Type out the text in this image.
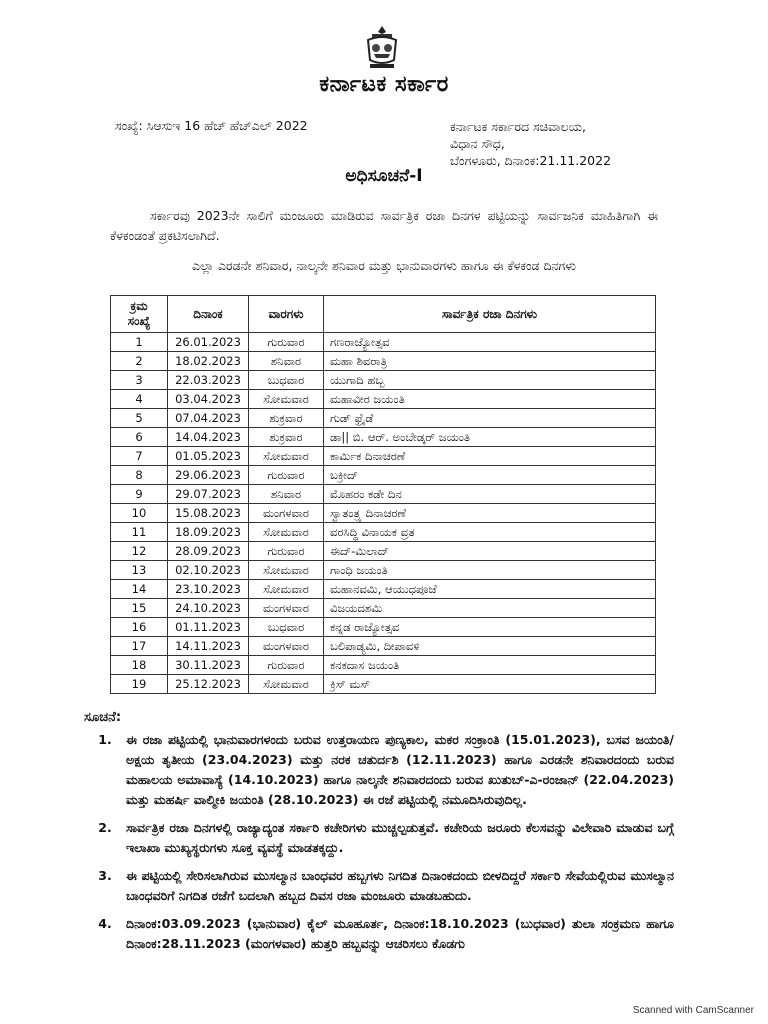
ಕರ್ನಾಟಕ ಸರ್ಕಾರ
ಸಂಖ್ಯೆ: ಸಿಆಸುಇ 16 ಹೆಚ್ ಹೆಚ್ಎಲ್ 2022	ಕರ್ನಾಟಕ ಸರ್ಕಾರದ ಸಚಿವಾಲಯ,
ವಿಧಾನ ಸೌಧ,
ಬೆಂಗಳೂರು, ದಿನಾಂಕ:21.11.2022
ಅಧಿಸೂಚನೆ-I
ಸರ್ಕಾರವು 2023ನೇ ಸಾಲಿಗೆ ಮಂಜೂರು ಮಾಡಿರುವ ಸಾರ್ವತ್ರಿಕ ರಜಾ ದಿನಗಳ ಪಟ್ಟಿಯನ್ನು ಸಾರ್ವಜನಿಕ ಮಾಹಿತಿಗಾಗಿ ಈ ಕೆಳಕಂಡಂತೆ ಪ್ರಕಟಿಸಲಾಗಿದೆ.
ಎಲ್ಲಾ ಎರಡನೇ ಶನಿವಾರ, ನಾಲ್ಕನೇ ಶನಿವಾರ ಮತ್ತು ಭಾನುವಾರಗಳು ಹಾಗೂ ಈ ಕೆಳಕಂಡ ದಿನಗಳು
ಕ್ರಮ
ಸಂಖ್ಯೆ	ದಿನಾಂಕ	ವಾರಗಳು	ಸಾರ್ವತ್ರಿಕ ರಜಾ ದಿನಗಳು
1	26.01.2023	ಗುರುವಾರ	ಗಣರಾಜ್ಯೋತ್ಸವ
2	18.02.2023	ಶನಿವಾರ	ಮಹಾ ಶಿವರಾತ್ರಿ
3	22.03.2023	ಬುಧವಾರ	ಯುಗಾದಿ ಹಬ್ಬ
4	03.04.2023	ಸೋಮವಾರ	ಮಹಾವೀರ ಜಯಂತಿ
5	07.04.2023	ಶುಕ್ರವಾರ	ಗುಡ್ ಫ್ರೈಡೆ
6	14.04.2023	ಶುಕ್ರವಾರ	ಡಾ|| ಬಿ. ಆರ್. ಅಂಬೇಡ್ಕರ್ ಜಯಂತಿ
7	01.05.2023	ಸೋಮವಾರ	ಕಾರ್ಮಿಕ ದಿನಾಚರಣೆ
8	29.06.2023	ಗುರುವಾರ	ಬಕ್ರೀದ್
9	29.07.2023	ಶನಿವಾರ	ಮೊಹರಂ ಕಡೇ ದಿನ
10	15.08.2023	ಮಂಗಳವಾರ	ಸ್ವಾತಂತ್ರ್ಯ ದಿನಾಚರಣೆ
11	18.09.2023	ಸೋಮವಾರ	ವರಸಿದ್ಧಿ ವಿನಾಯಕ ವ್ರತ
12	28.09.2023	ಗುರುವಾರ	ಈದ್-ಮಿಲಾದ್
13	02.10.2023	ಸೋಮವಾರ	ಗಾಂಧಿ ಜಯಂತಿ
14	23.10.2023	ಸೋಮವಾರ	ಮಹಾನವಮಿ, ಆಯುಧಪೂಜೆ
15	24.10.2023	ಮಂಗಳವಾರ	ವಿಜಯದಶಮಿ
16	01.11.2023	ಬುಧವಾರ	ಕನ್ನಡ ರಾಜ್ಯೋತ್ಸವ
17	14.11.2023	ಮಂಗಳವಾರ	ಬಲಿಪಾಡ್ಯಮಿ, ದೀಪಾವಳಿ
18	30.11.2023	ಗುರುವಾರ	ಕನಕದಾಸ ಜಯಂತಿ
19	25.12.2023	ಸೋಮವಾರ	ಕ್ರಿಸ್ ಮಸ್
ಸೂಚನೆ:
1.	ಈ ರಜಾ ಪಟ್ಟಿಯಲ್ಲಿ ಭಾನುವಾರಗಳಂದು ಬರುವ ಉತ್ತರಾಯಣ ಪುಣ್ಯಕಾಲ, ಮಕರ ಸಂಕ್ರಾಂತಿ (15.01.2023), ಬಸವ ಜಯಂತಿ/ಅಕ್ಷಯ ತೃತೀಯ (23.04.2023) ಮತ್ತು ನರಕ ಚತುರ್ದಶಿ (12.11.2023) ಹಾಗೂ ಎರಡನೇ ಶನಿವಾರದಂದು ಬರುವ ಮಹಾಲಯ ಅಮಾವಾಸ್ಯೆ (14.10.2023) ಹಾಗೂ ನಾಲ್ಕನೇ ಶನಿವಾರದಂದು ಬರುವ ಖುತುಬ್-ಎ-ರಂಜಾನ್ (22.04.2023) ಮತ್ತು ಮಹರ್ಷಿ ವಾಲ್ಮೀಕಿ ಜಯಂತಿ (28.10.2023) ಈ ರಜೆ ಪಟ್ಟಿಯಲ್ಲಿ ನಮೂದಿಸಿರುವುದಿಲ್ಲ.
2.	ಸಾರ್ವತ್ರಿಕ ರಜಾ ದಿನಗಳಲ್ಲಿ ರಾಜ್ಯಾದ್ಯಂತ ಸರ್ಕಾರಿ ಕಚೇರಿಗಳು ಮುಚ್ಚಲ್ಪಡುತ್ತವೆ. ಕಚೇರಿಯ ಜರೂರು ಕೆಲಸವನ್ನು ವಿಲೇವಾರಿ ಮಾಡುವ ಬಗ್ಗೆ ಇಲಾಖಾ ಮುಖ್ಯಸ್ಥರುಗಳು ಸೂಕ್ತ ವ್ಯವಸ್ಥೆ ಮಾಡತಕ್ಕದ್ದು.
3.	ಈ ಪಟ್ಟಿಯಲ್ಲಿ ಸೇರಿಸಲಾಗಿರುವ ಮುಸಲ್ಮಾನ ಬಾಂಧವರ ಹಬ್ಬಗಳು ನಿಗದಿತ ದಿನಾಂಕದಂದು ಬೀಳದಿದ್ದರೆ ಸರ್ಕಾರಿ ಸೇವೆಯಲ್ಲಿರುವ ಮುಸಲ್ಮಾನ ಬಾಂಧವರಿಗೆ ನಿಗದಿತ ರಜೆಗೆ ಬದಲಾಗಿ ಹಬ್ಬದ ದಿವಸ ರಜಾ ಮಂಜೂರು ಮಾಡಬಹುದು.
4.	ದಿನಾಂಕ:03.09.2023 (ಭಾನುವಾರ) ಕೈಲ್ ಮೂಹೂರ್ತ, ದಿನಾಂಕ:18.10.2023 (ಬುಧವಾರ) ತುಲಾ ಸಂಕ್ರಮಣ ಹಾಗೂ ದಿನಾಂಕ:28.11.2023 (ಮಂಗಳವಾರ) ಹುತ್ತರಿ ಹಬ್ಬವನ್ನು ಆಚರಿಸಲು ಕೊಡಗು
Scanned with CamScanner
